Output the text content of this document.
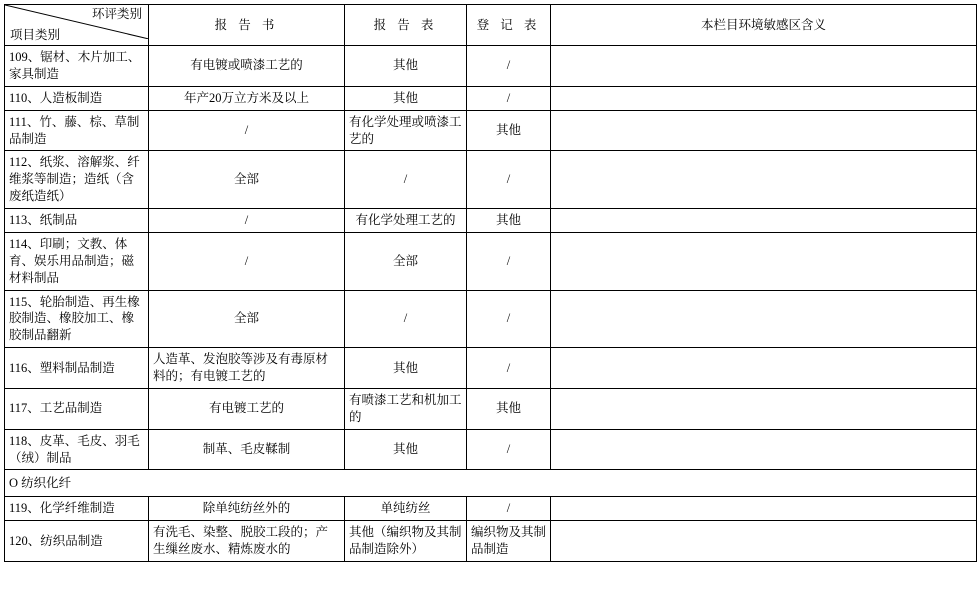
环评类别
项目类别	报 告 书	报 告 表	登 记 表	本栏目环境敏感区含义
109、锯材、木片加工、家具制造	有电镀或喷漆工艺的	其他	/	
110、人造板制造	年产20万立方米及以上	其他	/	
111、竹、藤、棕、草制品制造	/	有化学处理或喷漆工艺的	其他	
112、纸浆、溶解浆、纤维浆等制造；造纸（含废纸造纸）	全部	/	/	
113、纸制品	/	有化学处理工艺的	其他	
114、印刷；文教、体育、娱乐用品制造；磁材料制品	/	全部	/	
115、轮胎制造、再生橡胶制造、橡胶加工、橡胶制品翻新	全部	/	/	
116、塑料制品制造	人造革、发泡胶等涉及有毒原材料的；有电镀工艺的	其他	/	
117、工艺品制造	有电镀工艺的	有喷漆工艺和机加工的	其他	
118、皮革、毛皮、羽毛（绒）制品	制革、毛皮鞣制	其他	/	
O 纺织化纤				
119、化学纤维制造	除单纯纺丝外的	单纯纺丝	/	
120、纺织品制造	有洗毛、染整、脱胶工段的；产生缫丝废水、精炼废水的	其他（编织物及其制品制造除外）	编织物及其制品制造	
